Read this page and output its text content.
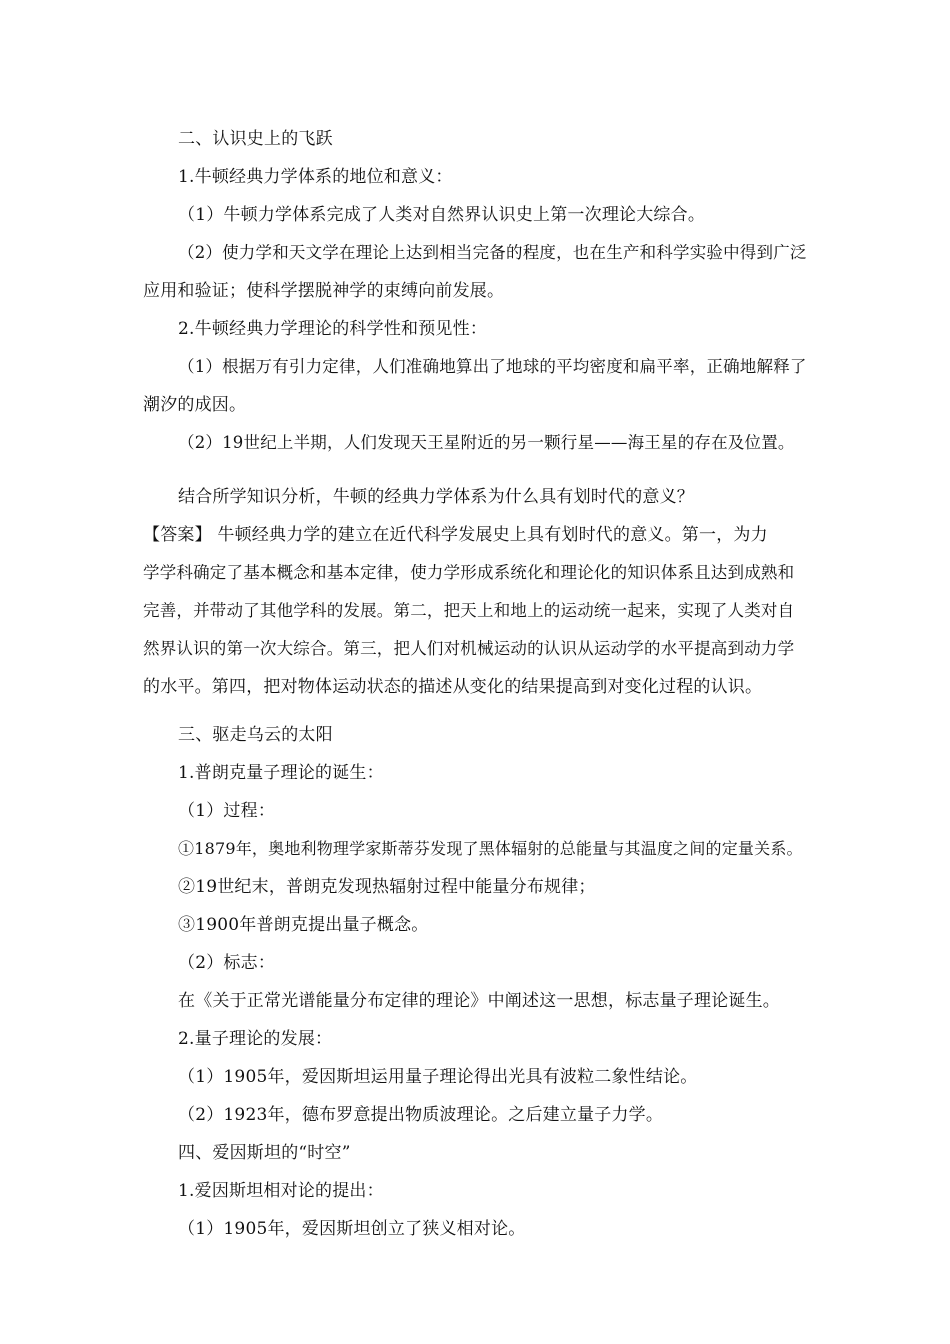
二、认识史上的飞跃
1.牛顿经典力学体系的地位和意义：
（1）牛顿力学体系完成了人类对自然界认识史上第一次理论大综合。
（2）使力学和天文学在理论上达到相当完备的程度，也在生产和科学实验中得到广泛
应用和验证；使科学摆脱神学的束缚向前发展。
2.牛顿经典力学理论的科学性和预见性：
（1）根据万有引力定律，人们准确地算出了地球的平均密度和扁平率，正确地解释了
潮汐的成因。
（2）19世纪上半期，人们发现天王星附近的另一颗行星——海王星的存在及位置。
结合所学知识分析，牛顿的经典力学体系为什么具有划时代的意义？
【答案】 牛顿经典力学的建立在近代科学发展史上具有划时代的意义。第一，为力
学学科确定了基本概念和基本定律，使力学形成系统化和理论化的知识体系且达到成熟和
完善，并带动了其他学科的发展。第二，把天上和地上的运动统一起来，实现了人类对自
然界认识的第一次大综合。第三，把人们对机械运动的认识从运动学的水平提高到动力学
的水平。第四，把对物体运动状态的描述从变化的结果提高到对变化过程的认识。
三、驱走乌云的太阳
1.普朗克量子理论的诞生：
（1）过程：
①1879年，奥地利物理学家斯蒂芬发现了黑体辐射的总能量与其温度之间的定量关系。
②19世纪末，普朗克发现热辐射过程中能量分布规律；
③1900年普朗克提出量子概念。
（2）标志：
在《关于正常光谱能量分布定律的理论》中阐述这一思想，标志量子理论诞生。
2.量子理论的发展：
（1）1905年，爱因斯坦运用量子理论得出光具有波粒二象性结论。
（2）1923年，德布罗意提出物质波理论。之后建立量子力学。
四、爱因斯坦的“时空”
1.爱因斯坦相对论的提出：
（1）1905年，爱因斯坦创立了狭义相对论。
